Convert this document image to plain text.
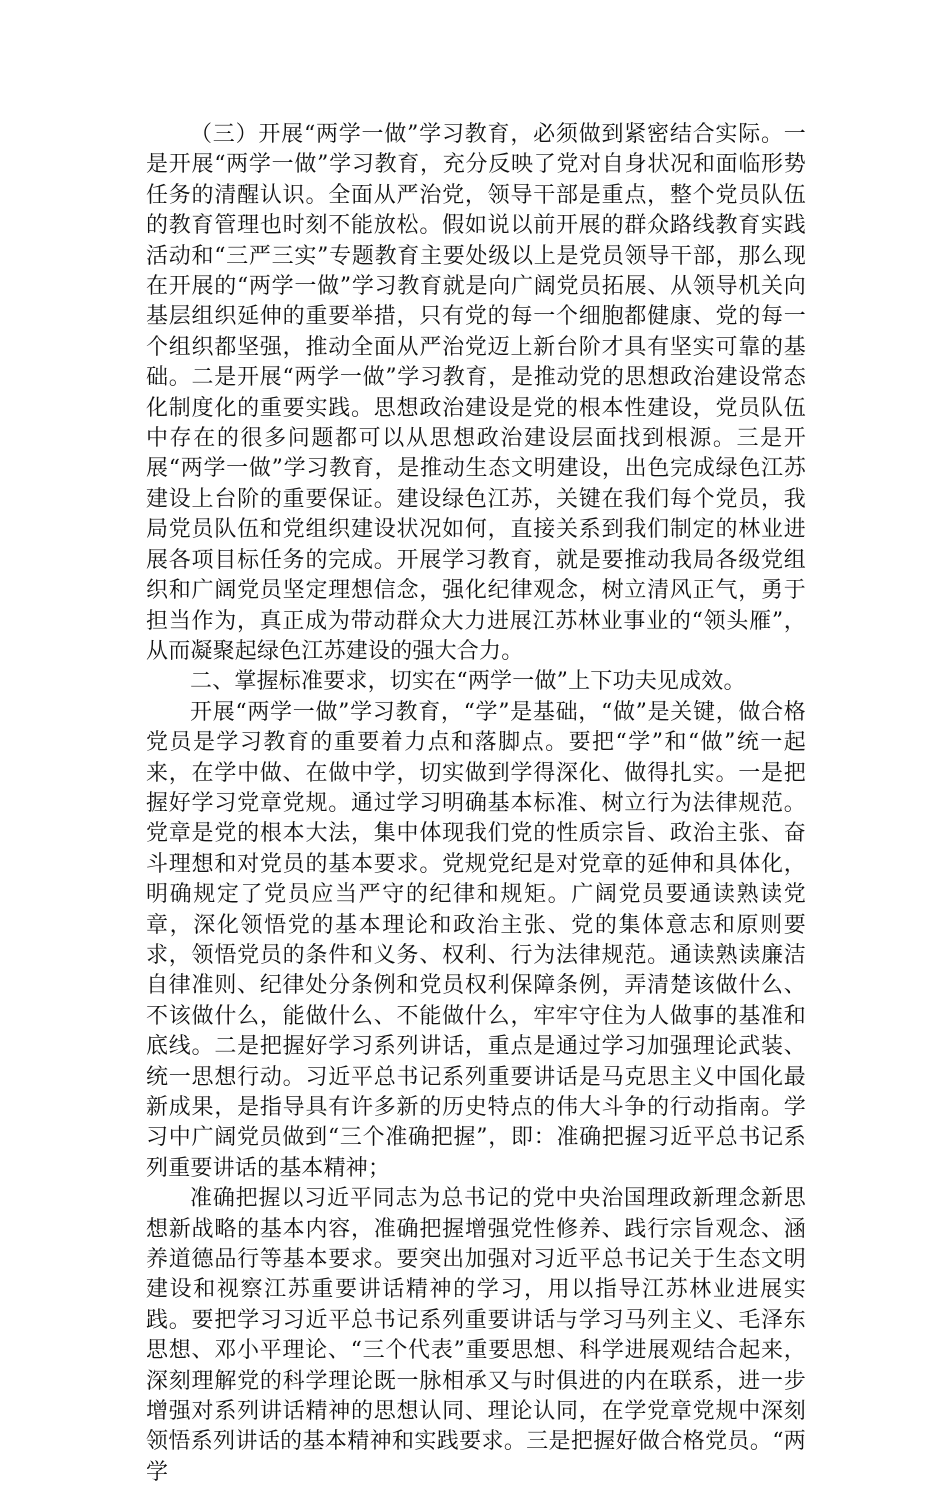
（三）开展“两学一做”学习教育，必须做到紧密结合实际。一是开展“两学一做”学习教育，充分反映了党对自身状况和面临形势任务的清醒认识。全面从严治党，领导干部是重点，整个党员队伍的教育管理也时刻不能放松。假如说以前开展的群众路线教育实践活动和“三严三实”专题教育主要处级以上是党员领导干部，那么现在开展的“两学一做”学习教育就是向广阔党员拓展、从领导机关向基层组织延伸的重要举措，只有党的每一个细胞都健康、党的每一个组织都坚强，推动全面从严治党迈上新台阶才具有坚实可靠的基础。二是开展“两学一做”学习教育，是推动党的思想政治建设常态化制度化的重要实践。思想政治建设是党的根本性建设，党员队伍中存在的很多问题都可以从思想政治建设层面找到根源。三是开展“两学一做”学习教育，是推动生态文明建设，出色完成绿色江苏建设上台阶的重要保证。建设绿色江苏，关键在我们每个党员，我局党员队伍和党组织建设状况如何，直接关系到我们制定的林业进展各项目标任务的完成。开展学习教育，就是要推动我局各级党组织和广阔党员坚定理想信念，强化纪律观念，树立清风正气，勇于担当作为，真正成为带动群众大力进展江苏林业事业的“领头雁”，从而凝聚起绿色江苏建设的强大合力。

二、掌握标准要求，切实在“两学一做”上下功夫见成效。

开展“两学一做”学习教育，“学”是基础，“做”是关键，做合格党员是学习教育的重要着力点和落脚点。要把“学”和“做”统一起来，在学中做、在做中学，切实做到学得深化、做得扎实。一是把握好学习党章党规。通过学习明确基本标准、树立行为法律规范。党章是党的根本大法，集中体现我们党的性质宗旨、政治主张、奋斗理想和对党员的基本要求。党规党纪是对党章的延伸和具体化，明确规定了党员应当严守的纪律和规矩。广阔党员要通读熟读党章，深化领悟党的基本理论和政治主张、党的集体意志和原则要求，领悟党员的条件和义务、权利、行为法律规范。通读熟读廉洁自律准则、纪律处分条例和党员权利保障条例，弄清楚该做什么、不该做什么，能做什么、不能做什么，牢牢守住为人做事的基准和底线。二是把握好学习系列讲话，重点是通过学习加强理论武装、统一思想行动。习近平总书记系列重要讲话是马克思主义中国化最新成果，是指导具有许多新的历史特点的伟大斗争的行动指南。学习中广阔党员做到“三个准确把握”，即：准确把握习近平总书记系列重要讲话的基本精神；

准确把握以习近平同志为总书记的党中央治国理政新理念新思想新战略的基本内容，准确把握增强党性修养、践行宗旨观念、涵养道德品行等基本要求。要突出加强对习近平总书记关于生态文明建设和视察江苏重要讲话精神的学习，用以指导江苏林业进展实践。要把学习习近平总书记系列重要讲话与学习马列主义、毛泽东思想、邓小平理论、“三个代表”重要思想、科学进展观结合起来，深刻理解党的科学理论既一脉相承又与时俱进的内在联系，进一步增强对系列讲话精神的思想认同、理论认同，在学党章党规中深刻领悟系列讲话的基本精神和实践要求。三是把握好做合格党员。“两学
